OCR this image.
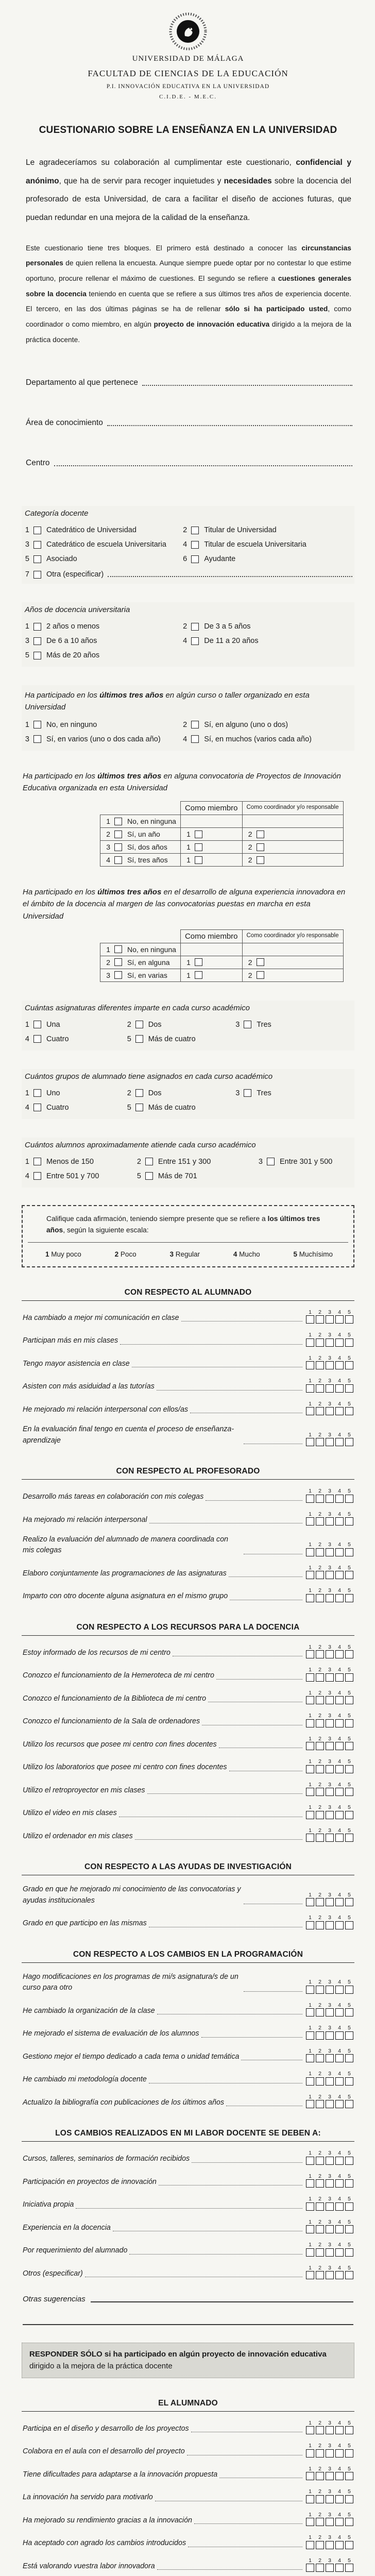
UNIVERSIDAD DE MÁLAGA
FACULTAD DE CIENCIAS DE LA EDUCACIÓN
P.I. INNOVACIÓN EDUCATIVA EN LA UNIVERSIDAD
C.I.D.E. - M.E.C.
CUESTIONARIO SOBRE LA ENSEÑANZA EN LA UNIVERSIDAD

Le agradeceríamos su colaboración al cumplimentar este cuestionario, confidencial y anónimo, que ha de servir para recoger inquietudes y necesidades sobre la docencia del profesorado de esta Universidad, de cara a facilitar el diseño de acciones futuras, que puedan redundar en una mejora de la calidad de la enseñanza.

Este cuestionario tiene tres bloques. El primero está destinado a conocer las circunstancias personales de quien rellena la encuesta. Aunque siempre puede optar por no contestar lo que estime oportuno, procure rellenar el máximo de cuestiones. El segundo se refiere a cuestiones generales sobre la docencia teniendo en cuenta que se refiere a sus últimos tres años de experiencia docente. El tercero, en las dos últimas páginas se ha de rellenar sólo si ha participado usted, como coordinador o como miembro, en algún proyecto de innovación educativa dirigido a la mejora de la práctica docente.

Departamento al que pertenece
Área de conocimiento
Centro
Categoría docente
1 Catedrático de Universidad	2 Titular de Universidad
3 Catedrático de escuela Universitaria 4 Titular de escuela Universitaria
5 Asociado	6 Ayudante
7 Otra (especificar)
Años de docencia universitaria
1 2 años o menos	2 De 3 a 5 años
3 De 6 a 10 años	4 De 11 a 20 años
5 Más de 20 años
Ha participado en los últimos tres años en algún curso o taller organizado en esta Universidad
1 No, en ninguno	2 Sí, en alguno (uno o dos)
3 Sí, en varios (uno o dos cada año)	4 Sí, en muchos (varios cada año)
Ha participado en los últimos tres años en alguna convocatoria de Proyectos de Innovación Educativa organizada en esta Universidad
	Como miembro	Como coordinador y/o responsable

1 No, en ninguna		

2 Sí, un año	1	2

3 Sí, dos años	1	2

4 Sí, tres años	1	2
Ha participado en los últimos tres años en el desarrollo de alguna experiencia innovadora en el ámbito de la docencia al margen de las convocatorias puestas en marcha en esta Universidad
	Como miembro	Como coordinador y/o responsable

1 No, en ninguna		

2 Sí, en alguna	1	2

3 Sí, en varias	1	2
Cuántas asignaturas diferentes imparte en cada curso académico
1 Una	2 Dos	3 Tres
4 Cuatro	5 Más de cuatro
Cuántos grupos de alumnado tiene asignados en cada curso académico
1 Uno	2 Dos	3 Tres
4 Cuatro	5 Más de cuatro
Cuántos alumnos aproximadamente atiende cada curso académico
1 Menos de 150	2 Entre 151 y 300	3 Entre 301 y 500
4 Entre 501 y 700	5 Más de 701
Califique cada afirmación, teniendo siempre presente que se refiere a los últimos tres años, según la siguiente escala:
1 Muy poco	2 Poco	3 Regular	4 Mucho	5 Muchísimo
CON RESPECTO AL ALUMNADO
Ha cambiado a mejor mi comunicación en clase
1 2 3 4 5
Participan más en mis clases
1 2 3 4 5
Tengo mayor asistencia en clase
1 2 3 4 5
Asisten con más asiduidad a las tutorías
1 2 3 4 5
He mejorado mi relación interpersonal con ellos/as
1 2 3 4 5
En la evaluación final tengo en cuenta el proceso de enseñanza-aprendizaje
1 2 3 4 5
CON RESPECTO AL PROFESORADO
Desarrollo más tareas en colaboración con mis colegas
1 2 3 4 5
Ha mejorado mi relación interpersonal
1 2 3 4 5
Realizo la evaluación del alumnado de manera coordinada con mis colegas
1 2 3 4 5
Elaboro conjuntamente las programaciones de las asignaturas
1 2 3 4 5
Imparto con otro docente alguna asignatura en el mismo grupo
1 2 3 4 5
CON RESPECTO A LOS RECURSOS PARA LA DOCENCIA
Estoy informado de los recursos de mi centro
1 2 3 4 5
Conozco el funcionamiento de la Hemeroteca de mi centro
1 2 3 4 5
Conozco el funcionamiento de la Biblioteca de mi centro
1 2 3 4 5
Conozco el funcionamiento de la Sala de ordenadores
1 2 3 4 5
Utilizo los recursos que posee mi centro con fines docentes
1 2 3 4 5
Utilizo los laboratorios que posee mi centro con fines docentes
1 2 3 4 5
Utilizo el retroproyector en mis clases
1 2 3 4 5
Utilizo el video en mis clases
1 2 3 4 5
Utilizo el ordenador en mis clases
1 2 3 4 5
CON RESPECTO A LAS AYUDAS DE INVESTIGACIÓN
Grado en que he mejorado mi conocimiento de las convocatorias y ayudas institucionales
1 2 3 4 5
Grado en que participo en las mismas
1 2 3 4 5
CON RESPECTO A LOS CAMBIOS EN LA PROGRAMACIÓN
Hago modificaciones en los programas de mi/s asignatura/s de un curso para otro
1 2 3 4 5
He cambiado la organización de la clase
1 2 3 4 5
He mejorado el sistema de evaluación de los alumnos
1 2 3 4 5
Gestiono mejor el tiempo dedicado a cada tema o unidad temática
1 2 3 4 5
He cambiado mi metodología docente
1 2 3 4 5
Actualizo la bibliografía con publicaciones de los últimos años
1 2 3 4 5
LOS CAMBIOS REALIZADOS EN MI LABOR DOCENTE SE DEBEN A:
Cursos, talleres, seminarios de formación recibidos
1 2 3 4 5
Participación en proyectos de innovación
1 2 3 4 5
Iniciativa propia
1 2 3 4 5
Experiencia en la docencia
1 2 3 4 5
Por requerimiento del alumnado
1 2 3 4 5
Otros (especificar)
1 2 3 4 5
Otras sugerencias
RESPONDER SÓLO si ha participado en algún proyecto de innovación educativa dirigido a la mejora de la práctica docente
EL ALUMNADO
Participa en el diseño y desarrollo de los proyectos
1 2 3 4 5
Colabora en el aula con el desarrollo del proyecto
1 2 3 4 5
Tiene dificultades para adaptarse a la innovación propuesta
1 2 3 4 5
La innovación ha servido para motivarlo
1 2 3 4 5
Ha mejorado su rendimiento gracias a la innovación
1 2 3 4 5
Ha aceptado con agrado los cambios introducidos
1 2 3 4 5
Está valorando vuestra labor innovadora
1 2 3 4 5
